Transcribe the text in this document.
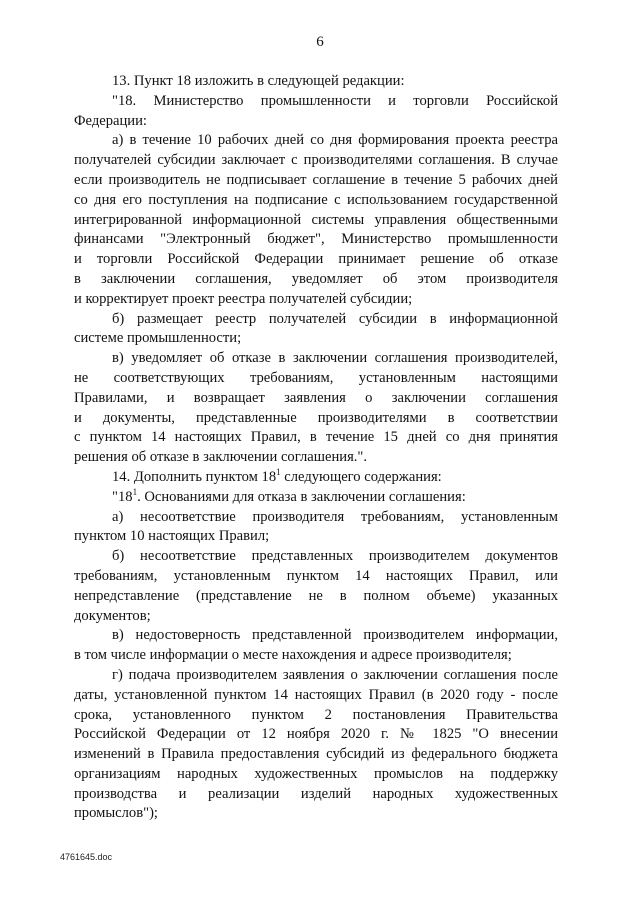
6
13. Пункт 18 изложить в следующей редакции:
"18. Министерство промышленности и торговли Российской
Федерации:
а) в течение 10 рабочих дней со дня формирования проекта реестра
получателей субсидии заключает с производителями соглашения. В случае
если производитель не подписывает соглашение в течение 5 рабочих дней
со дня его поступления на подписание с использованием государственной
интегрированной информационной системы управления общественными
финансами "Электронный бюджет", Министерство промышленности
и торговли Российской Федерации принимает решение об отказе
в заключении соглашения, уведомляет об этом производителя
и корректирует проект реестра получателей субсидии;
б) размещает реестр получателей субсидии в информационной
системе промышленности;
в) уведомляет об отказе в заключении соглашения производителей,
не соответствующих требованиям, установленным настоящими
Правилами, и возвращает заявления о заключении соглашения
и документы, представленные производителями в соответствии
с пунктом 14 настоящих Правил, в течение 15 дней со дня принятия
решения об отказе в заключении соглашения.".
14. Дополнить пунктом $18^1$ следующего содержания:
"$18^1$. Основаниями для отказа в заключении соглашения:
а) несоответствие производителя требованиям, установленным
пунктом 10 настоящих Правил;
б) несоответствие представленных производителем документов
требованиям, установленным пунктом 14 настоящих Правил, или
непредставление (представление не в полном объеме) указанных
документов;
в) недостоверность представленной производителем информации,
в том числе информации о месте нахождения и адресе производителя;
г) подача производителем заявления о заключении соглашения после
даты, установленной пунктом 14 настоящих Правил (в 2020 году - после
срока, установленного пунктом 2 постановления Правительства
Российской Федерации от 12 ноября 2020 г. № 1825 "О внесении
изменений в Правила предоставления субсидий из федерального бюджета
организациям народных художественных промыслов на поддержку
производства и реализации изделий народных художественных
промыслов");
4761645.doc
